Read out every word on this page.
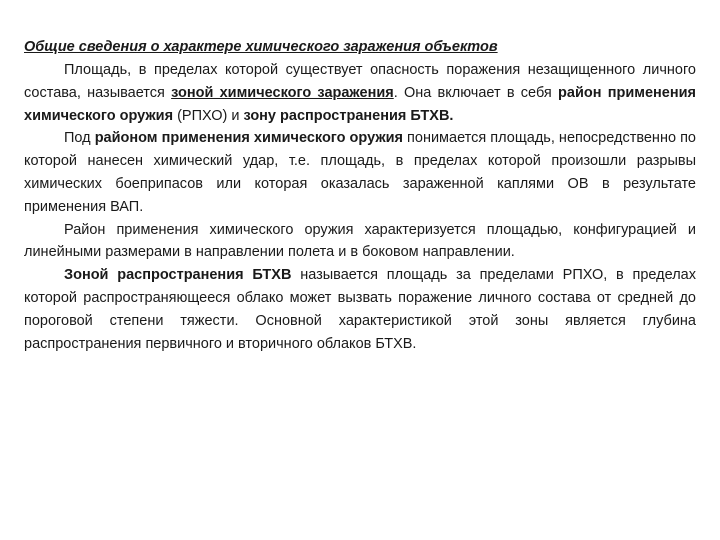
Общие сведения о характере химического заражения объектов

Площадь, в пределах которой существует опасность поражения незащищенного личного состава, называется зоной химического заражения. Она включает в себя район применения химического оружия (РПХО) и зону распространения БТХВ.

Под районом применения химического оружия понимается площадь, непосредственно по которой нанесен химический удар, т.е. площадь, в пределах которой произошли разрывы химических боеприпасов или которая оказалась зараженной каплями ОВ в результате применения ВАП.

Район применения химического оружия характеризуется площадью, конфигурацией и линейными размерами в направлении полета и в боковом направлении.

Зоной распространения БТХВ называется площадь за пределами РПХО, в пределах которой распространяющееся облако может вызвать поражение личного состава от средней до пороговой степени тяжести. Основной характеристикой этой зоны является глубина распространения первичного и вторичного облаков БТХВ.
